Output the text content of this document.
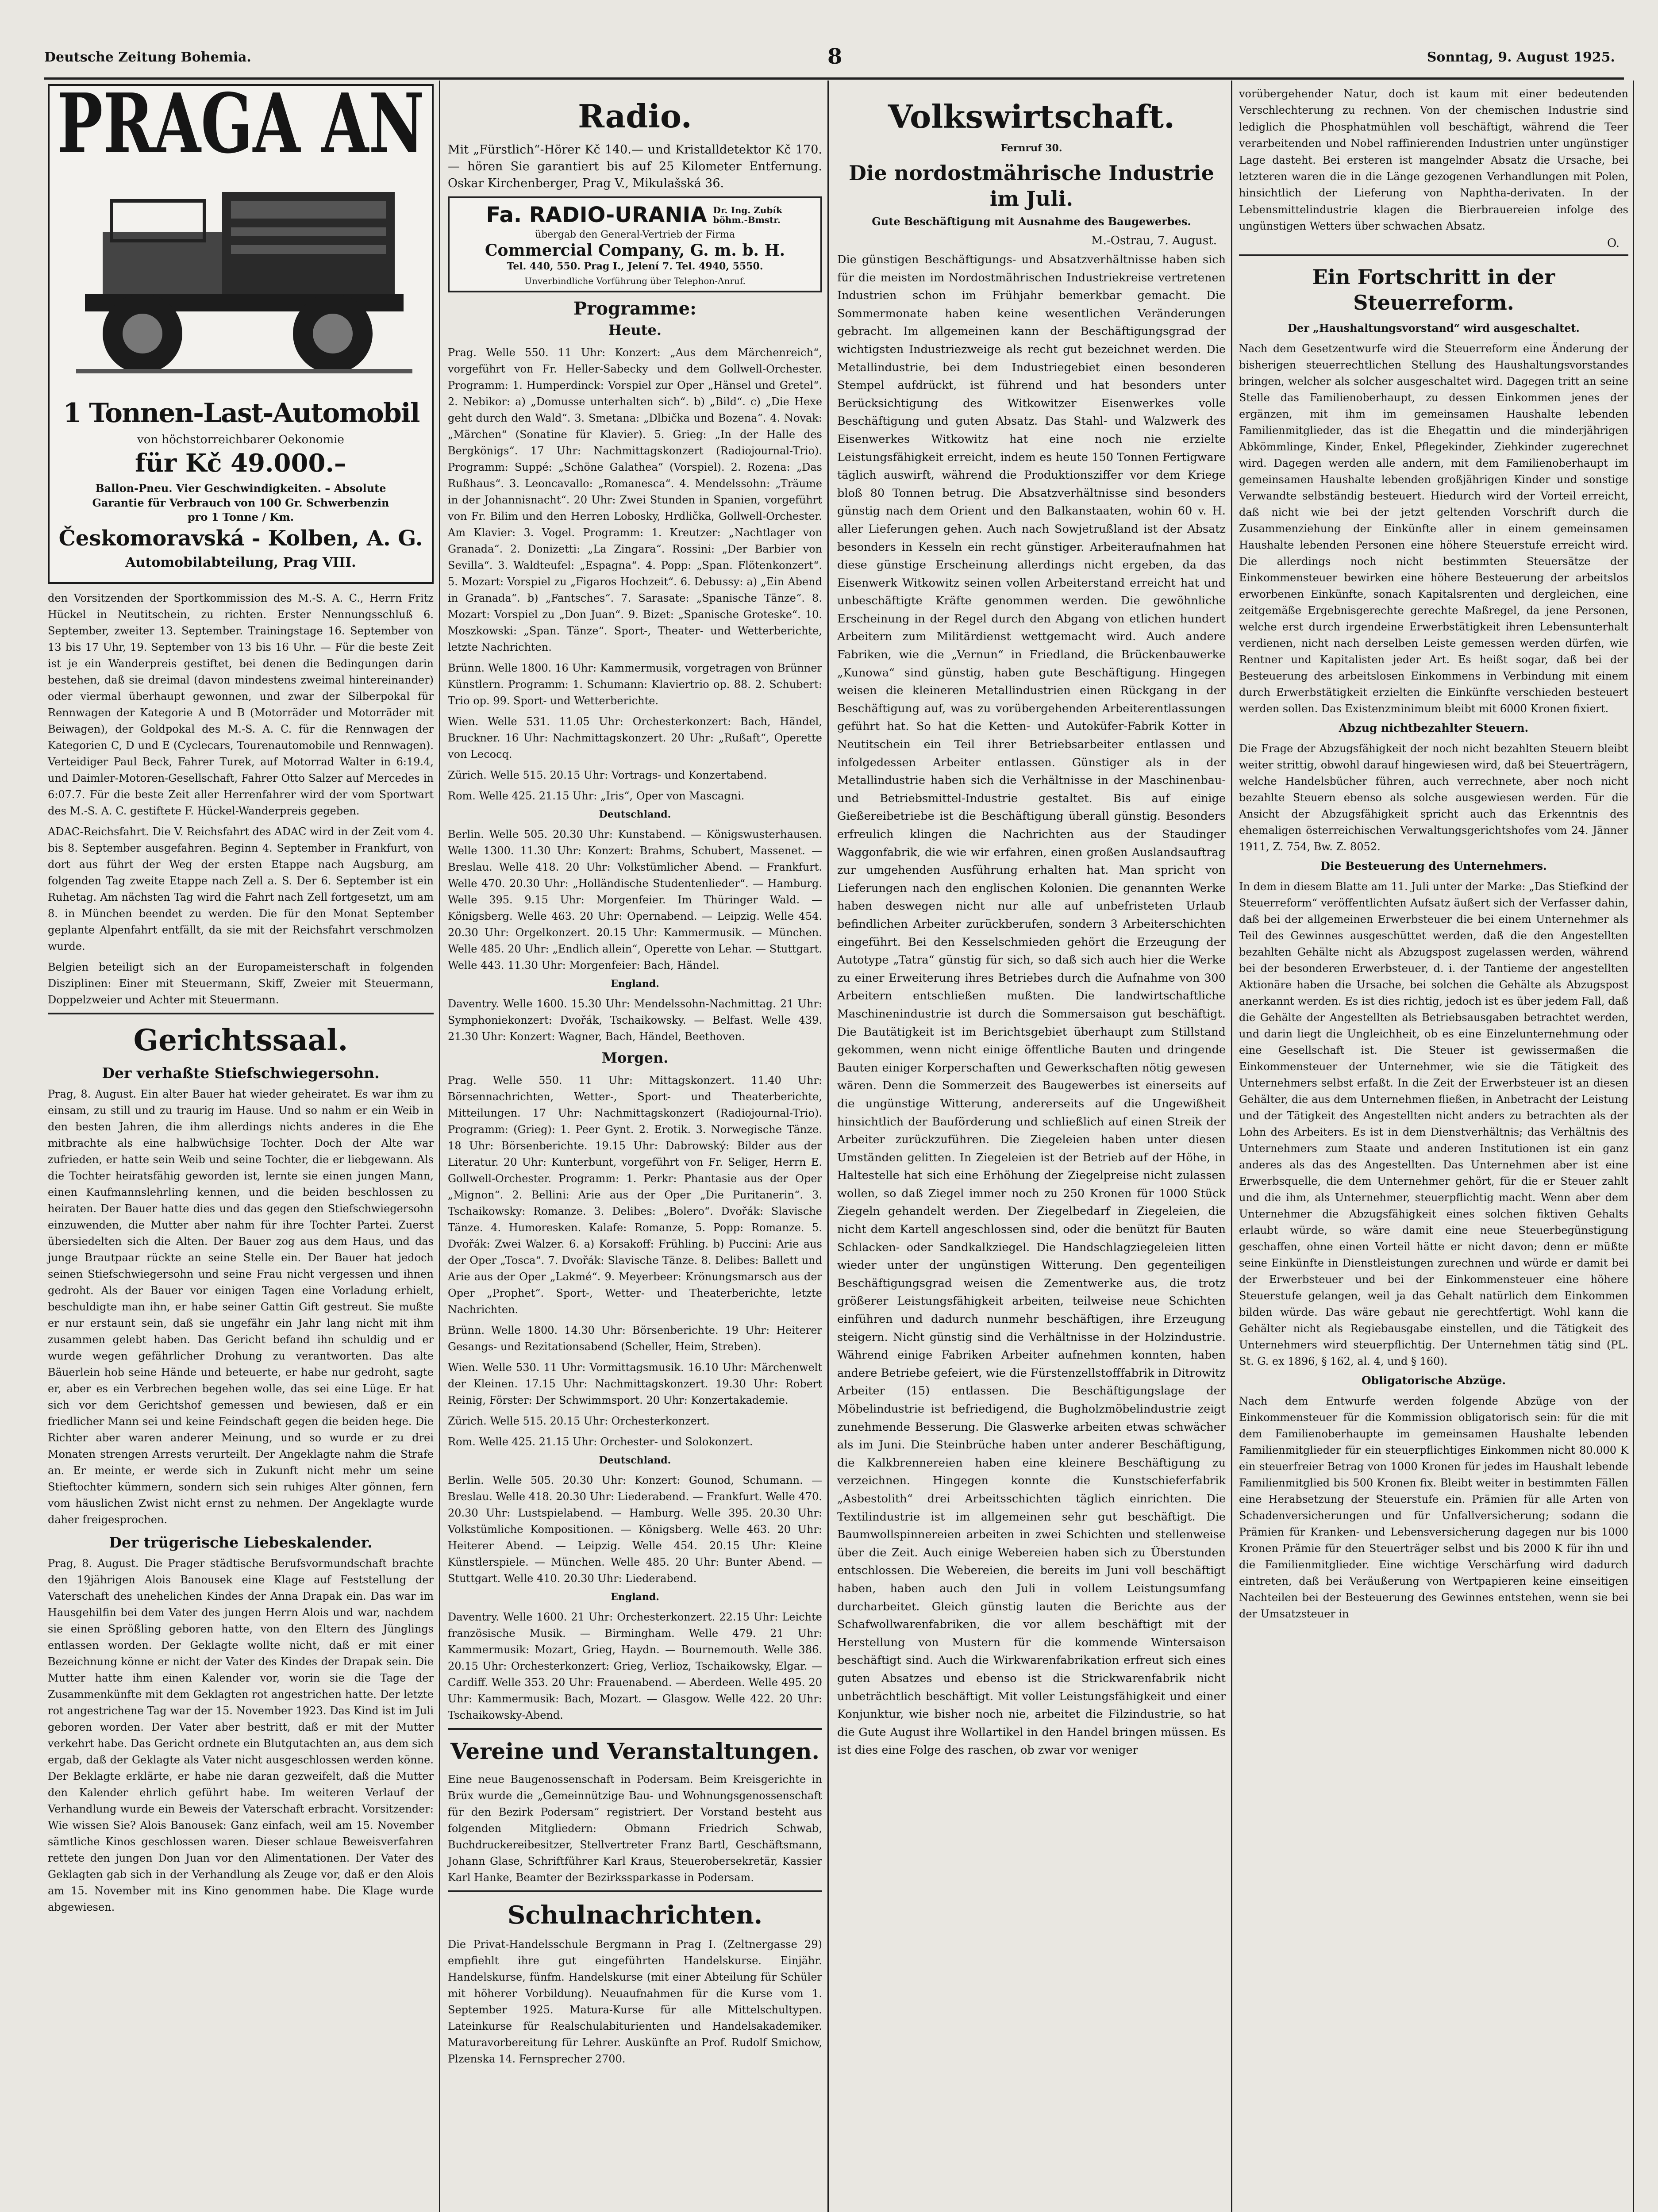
Deutsche Zeitung Bohemia.	8	Sonntag, 9. August 1925.
PRAGA AN
1 Tonnen-Last-Automobil
von höchstorreichbarer Oekonomie
für Kč 49.000.–
Ballon-Pneu. Vier Geschwindigkeiten. – Absolute
Garantie für Verbrauch von 100 Gr. Schwerbenzin
pro 1 Tonne / Km.
Českomoravská - Kolben, A. G.
Automobilabteilung, Prag VIII.

den Vorsitzenden der Sportkommission des M.-S. A. C., Herrn Fritz Hückel in Neutitschein, zu richten. Erster Nennungsschluß 6. September, zweiter 13. September. Trainingstage 16. September von 13 bis 17 Uhr, 19. September von 13 bis 16 Uhr. — Für die beste Zeit ist je ein Wanderpreis gestiftet, bei denen die Bedingungen darin bestehen, daß sie dreimal (davon mindestens zweimal hintereinander) oder viermal überhaupt gewonnen, und zwar der Silberpokal für Rennwagen der Kategorie A und B (Motorräder und Motorräder mit Beiwagen), der Goldpokal des M.-S. A. C. für die Rennwagen der Kategorien C, D und E (Cyclecars, Tourenautomobile und Rennwagen). Verteidiger Paul Beck, Fahrer Turek, auf Motorrad Walter in 6:19.4, und Daimler-Motoren-Gesellschaft, Fahrer Otto Salzer auf Mercedes in 6:07.7. Für die beste Zeit aller Herrenfahrer wird der vom Sportwart des M.-S. A. C. gestiftete F. Hückel-Wanderpreis gegeben.

ADAC-Reichsfahrt. Die V. Reichsfahrt des ADAC wird in der Zeit vom 4. bis 8. September ausgefahren. Beginn 4. September in Frankfurt, von dort aus führt der Weg der ersten Etappe nach Augsburg, am folgenden Tag zweite Etappe nach Zell a. S. Der 6. September ist ein Ruhetag. Am nächsten Tag wird die Fahrt nach Zell fortgesetzt, um am 8. in München beendet zu werden. Die für den Monat September geplante Alpenfahrt entfällt, da sie mit der Reichsfahrt verschmolzen wurde.

Belgien beteiligt sich an der Europameisterschaft in folgenden Disziplinen: Einer mit Steuermann, Skiff, Zweier mit Steuermann, Doppelzweier und Achter mit Steuermann.

Gerichtssaal.
Der verhaßte Stiefschwiegersohn.

Prag, 8. August. Ein alter Bauer hat wieder geheiratet. Es war ihm zu einsam, zu still und zu traurig im Hause. Und so nahm er ein Weib in den besten Jahren, die ihm allerdings nichts anderes in die Ehe mitbrachte als eine halbwüchsige Tochter. Doch der Alte war zufrieden, er hatte sein Weib und seine Tochter, die er liebgewann. Als die Tochter heiratsfähig geworden ist, lernte sie einen jungen Mann, einen Kaufmannslehrling kennen, und die beiden beschlossen zu heiraten. Der Bauer hatte dies und das gegen den Stiefschwiegersohn einzuwenden, die Mutter aber nahm für ihre Tochter Partei. Zuerst übersiedelten sich die Alten. Der Bauer zog aus dem Haus, und das junge Brautpaar rückte an seine Stelle ein. Der Bauer hat jedoch seinen Stiefschwiegersohn und seine Frau nicht vergessen und ihnen gedroht. Als der Bauer vor einigen Tagen eine Vorladung erhielt, beschuldigte man ihn, er habe seiner Gattin Gift gestreut. Sie mußte er nur erstaunt sein, daß sie ungefähr ein Jahr lang nicht mit ihm zusammen gelebt haben. Das Gericht befand ihn schuldig und er wurde wegen gefährlicher Drohung zu verantworten. Das alte Bäuerlein hob seine Hände und beteuerte, er habe nur gedroht, sagte er, aber es ein Verbrechen begehen wolle, das sei eine Lüge. Er hat sich vor dem Gerichtshof gemessen und bewiesen, daß er ein friedlicher Mann sei und keine Feindschaft gegen die beiden hege. Die Richter aber waren anderer Meinung, und so wurde er zu drei Monaten strengen Arrests verurteilt. Der Angeklagte nahm die Strafe an. Er meinte, er werde sich in Zukunft nicht mehr um seine Stieftochter kümmern, sondern sich sein ruhiges Alter gönnen, fern vom häuslichen Zwist nicht ernst zu nehmen. Der Angeklagte wurde daher freigesprochen.

Der trügerische Liebeskalender.

Prag, 8. August. Die Prager städtische Berufsvormundschaft brachte den 19jährigen Alois Banousek eine Klage auf Feststellung der Vaterschaft des unehelichen Kindes der Anna Drapak ein. Das war im Hausgehilfin bei dem Vater des jungen Herrn Alois und war, nachdem sie einen Sprößling geboren hatte, von den Eltern des Jünglings entlassen worden. Der Geklagte wollte nicht, daß er mit einer Bezeichnung könne er nicht der Vater des Kindes der Drapak sein. Die Mutter hatte ihm einen Kalender vor, worin sie die Tage der Zusammenkünfte mit dem Geklagten rot angestrichen hatte. Der letzte rot angestrichene Tag war der 15. November 1923. Das Kind ist im Juli geboren worden. Der Vater aber bestritt, daß er mit der Mutter verkehrt habe. Das Gericht ordnete ein Blutgutachten an, aus dem sich ergab, daß der Geklagte als Vater nicht ausgeschlossen werden könne. Der Beklagte erklärte, er habe nie daran gezweifelt, daß die Mutter den Kalender ehrlich geführt habe. Im weiteren Verlauf der Verhandlung wurde ein Beweis der Vaterschaft erbracht. Vorsitzender: Wie wissen Sie? Alois Banousek: Ganz einfach, weil am 15. November sämtliche Kinos geschlossen waren. Dieser schlaue Beweisverfahren rettete den jungen Don Juan vor den Alimentationen. Der Vater des Geklagten gab sich in der Verhandlung als Zeuge vor, daß er den Alois am 15. November mit ins Kino genommen habe. Die Klage wurde abgewiesen.

Radio.

Mit „Fürstlich“-Hörer Kč 140.— und Kristalldetektor Kč 170.— hören Sie garantiert bis auf 25 Kilometer Entfernung. Oskar Kirchenberger, Prag V., Mikulašská 36.

Fa. RADIO-URANIA Dr. Ing. Zubík böhm.-Bmstr.
übergab den General-Vertrieb der Firma
Commercial Company, G. m. b. H.
Tel. 440, 550. Prag I., Jelení 7. Tel. 4940, 5550.
Unverbindliche Vorführung über Telephon-Anruf.
Programme:
Heute.

Prag. Welle 550. 11 Uhr: Konzert: „Aus dem Märchenreich“, vorgeführt von Fr. Heller-Sabecky und dem Gollwell-Orchester. Programm: 1. Humperdinck: Vorspiel zur Oper „Hänsel und Gretel“. 2. Nebikor: a) „Domusse unterhalten sich“. b) „Bild“. c) „Die Hexe geht durch den Wald“. 3. Smetana: „Dlbička und Bozena“. 4. Novak: „Märchen“ (Sonatine für Klavier). 5. Grieg: „In der Halle des Bergkönigs“. 17 Uhr: Nachmittagskonzert (Radiojournal-Trio). Programm: Suppé: „Schöne Galathea“ (Vorspiel). 2. Rozena: „Das Rußhaus“. 3. Leoncavallo: „Romanesca“. 4. Mendelssohn: „Träume in der Johannisnacht“. 20 Uhr: Zwei Stunden in Spanien, vorgeführt von Fr. Bilim und den Herren Lobosky, Hrdlička, Gollwell-Orchester. Am Klavier: 3. Vogel. Programm: 1. Kreutzer: „Nachtlager von Granada“. 2. Donizetti: „La Zingara“. Rossini: „Der Barbier von Sevilla“. 3. Waldteufel: „Espagna“. 4. Popp: „Span. Flötenkonzert“. 5. Mozart: Vorspiel zu „Figaros Hochzeit“. 6. Debussy: a) „Ein Abend in Granada“. b) „Fantsches“. 7. Sarasate: „Spanische Tänze“. 8. Mozart: Vorspiel zu „Don Juan“. 9. Bizet: „Spanische Groteske“. 10. Moszkowski: „Span. Tänze“. Sport-, Theater- und Wetterberichte, letzte Nachrichten.

Brünn. Welle 1800. 16 Uhr: Kammermusik, vorgetragen von Brünner Künstlern. Programm: 1. Schumann: Klaviertrio op. 88. 2. Schubert: Trio op. 99. Sport- und Wetterberichte.

Wien. Welle 531. 11.05 Uhr: Orchesterkonzert: Bach, Händel, Bruckner. 16 Uhr: Nachmittagskonzert. 20 Uhr: „Rußaft“, Operette von Lecocq.

Zürich. Welle 515. 20.15 Uhr: Vortrags- und Konzertabend.

Rom. Welle 425. 21.15 Uhr: „Iris“, Oper von Mascagni.

Deutschland.

Berlin. Welle 505. 20.30 Uhr: Kunstabend. — Königswusterhausen. Welle 1300. 11.30 Uhr: Konzert: Brahms, Schubert, Massenet. — Breslau. Welle 418. 20 Uhr: Volkstümlicher Abend. — Frankfurt. Welle 470. 20.30 Uhr: „Holländische Studentenlieder“. — Hamburg. Welle 395. 9.15 Uhr: Morgenfeier. Im Thüringer Wald. — Königsberg. Welle 463. 20 Uhr: Opernabend. — Leipzig. Welle 454. 20.30 Uhr: Orgelkonzert. 20.15 Uhr: Kammermusik. — München. Welle 485. 20 Uhr: „Endlich allein“, Operette von Lehar. — Stuttgart. Welle 443. 11.30 Uhr: Morgenfeier: Bach, Händel.

England.

Daventry. Welle 1600. 15.30 Uhr: Mendelssohn-Nachmittag. 21 Uhr: Symphoniekonzert: Dvořák, Tschaikowsky. — Belfast. Welle 439. 21.30 Uhr: Konzert: Wagner, Bach, Händel, Beethoven.

Morgen.

Prag. Welle 550. 11 Uhr: Mittagskonzert. 11.40 Uhr: Börsennachrichten, Wetter-, Sport- und Theaterberichte, Mitteilungen. 17 Uhr: Nachmittagskonzert (Radiojournal-Trio). Programm: (Grieg): 1. Peer Gynt. 2. Erotik. 3. Norwegische Tänze. 18 Uhr: Börsenberichte. 19.15 Uhr: Dabrowský: Bilder aus der Literatur. 20 Uhr: Kunterbunt, vorgeführt von Fr. Seliger, Herrn E. Gollwell-Orchester. Programm: 1. Perkr: Phantasie aus der Oper „Mignon“. 2. Bellini: Arie aus der Oper „Die Puritanerin“. 3. Tschaikowsky: Romanze. 3. Delibes: „Bolero“. Dvořák: Slavische Tänze. 4. Humoresken. Kalafe: Romanze, 5. Popp: Romanze. 5. Dvořák: Zwei Walzer. 6. a) Korsakoff: Frühling. b) Puccini: Arie aus der Oper „Tosca“. 7. Dvořák: Slavische Tänze. 8. Delibes: Ballett und Arie aus der Oper „Lakmé“. 9. Meyerbeer: Krönungsmarsch aus der Oper „Prophet“. Sport-, Wetter- und Theaterberichte, letzte Nachrichten.

Brünn. Welle 1800. 14.30 Uhr: Börsenberichte. 19 Uhr: Heiterer Gesangs- und Rezitationsabend (Scheller, Heim, Streben).

Wien. Welle 530. 11 Uhr: Vormittagsmusik. 16.10 Uhr: Märchenwelt der Kleinen. 17.15 Uhr: Nachmittagskonzert. 19.30 Uhr: Robert Reinig, Förster: Der Schwimmsport. 20 Uhr: Konzertakademie.

Zürich. Welle 515. 20.15 Uhr: Orchesterkonzert.

Rom. Welle 425. 21.15 Uhr: Orchester- und Solokonzert.

Deutschland.

Berlin. Welle 505. 20.30 Uhr: Konzert: Gounod, Schumann. — Breslau. Welle 418. 20.30 Uhr: Liederabend. — Frankfurt. Welle 470. 20.30 Uhr: Lustspielabend. — Hamburg. Welle 395. 20.30 Uhr: Volkstümliche Kompositionen. — Königsberg. Welle 463. 20 Uhr: Heiterer Abend. — Leipzig. Welle 454. 20.15 Uhr: Kleine Künstlerspiele. — München. Welle 485. 20 Uhr: Bunter Abend. — Stuttgart. Welle 410. 20.30 Uhr: Liederabend.

England.

Daventry. Welle 1600. 21 Uhr: Orchesterkonzert. 22.15 Uhr: Leichte französische Musik. — Birmingham. Welle 479. 21 Uhr: Kammermusik: Mozart, Grieg, Haydn. — Bournemouth. Welle 386. 20.15 Uhr: Orchesterkonzert: Grieg, Verlioz, Tschaikowsky, Elgar. — Cardiff. Welle 353. 20 Uhr: Frauenabend. — Aberdeen. Welle 495. 20 Uhr: Kammermusik: Bach, Mozart. — Glasgow. Welle 422. 20 Uhr: Tschaikowsky-Abend.

Vereine und Veranstaltungen.

Eine neue Baugenossenschaft in Podersam. Beim Kreisgerichte in Brüx wurde die „Gemeinnützige Bau- und Wohnungsgenossenschaft für den Bezirk Podersam“ registriert. Der Vorstand besteht aus folgenden Mitgliedern: Obmann Friedrich Schwab, Buchdruckereibesitzer, Stellvertreter Franz Bartl, Geschäftsmann, Johann Glase, Schriftführer Karl Kraus, Steuerobersekretär, Kassier Karl Hanke, Beamter der Bezirkssparkasse in Podersam.

Schulnachrichten.

Die Privat-Handelsschule Bergmann in Prag I. (Zeltnergasse 29) empfiehlt ihre gut eingeführten Handelskurse. Einjähr. Handelskurse, fünfm. Handelskurse (mit einer Abteilung für Schüler mit höherer Vorbildung). Neuaufnahmen für die Kurse vom 1. September 1925. Matura-Kurse für alle Mittelschultypen. Lateinkurse für Realschulabiturienten und Handelsakademiker. Maturavorbereitung für Lehrer. Auskünfte an Prof. Rudolf Smichow, Plzenska 14. Fernsprecher 2700.

Volkswirtschaft.
Fernruf 30.
Die nordostmährische Industrie im Juli.
Gute Beschäftigung mit Ausnahme des Baugewerbes.
M.-Ostrau, 7. August.

Die günstigen Beschäftigungs- und Absatzverhältnisse haben sich für die meisten im Nordostmährischen Industriekreise vertretenen Industrien schon im Frühjahr bemerkbar gemacht. Die Sommermonate haben keine wesentlichen Veränderungen gebracht. Im allgemeinen kann der Beschäftigungsgrad der wichtigsten Industriezweige als recht gut bezeichnet werden. Die Metallindustrie, bei dem Industriegebiet einen besonderen Stempel aufdrückt, ist führend und hat besonders unter Berücksichtigung des Witkowitzer Eisenwerkes volle Beschäftigung und guten Absatz. Das Stahl- und Walzwerk des Eisenwerkes Witkowitz hat eine noch nie erzielte Leistungsfähigkeit erreicht, indem es heute 150 Tonnen Fertigware täglich auswirft, während die Produktionsziffer vor dem Kriege bloß 80 Tonnen betrug. Die Absatzverhältnisse sind besonders günstig nach dem Orient und den Balkanstaaten, wohin 60 v. H. aller Lieferungen gehen. Auch nach Sowjetrußland ist der Absatz besonders in Kesseln ein recht günstiger. Arbeiteraufnahmen hat diese günstige Erscheinung allerdings nicht ergeben, da das Eisenwerk Witkowitz seinen vollen Arbeiterstand erreicht hat und unbeschäftigte Kräfte genommen werden. Die gewöhnliche Erscheinung in der Regel durch den Abgang von etlichen hundert Arbeitern zum Militärdienst wettgemacht wird. Auch andere Fabriken, wie die „Vernun“ in Friedland, die Brückenbauwerke „Kunowa“ sind günstig, haben gute Beschäftigung. Hingegen weisen die kleineren Metallindustrien einen Rückgang in der Beschäftigung auf, was zu vorübergehenden Arbeiterentlassungen geführt hat. So hat die Ketten- und Autoküfer-Fabrik Kotter in Neutitschein ein Teil ihrer Betriebsarbeiter entlassen und infolgedessen Arbeiter entlassen. Günstiger als in der Metallindustrie haben sich die Verhältnisse in der Maschinenbau- und Betriebsmittel-Industrie gestaltet. Bis auf einige Gießereibetriebe ist die Beschäftigung überall günstig. Besonders erfreulich klingen die Nachrichten aus der Staudinger Waggonfabrik, die wie wir erfahren, einen großen Auslandsauftrag zur umgehenden Ausführung erhalten hat. Man spricht von Lieferungen nach den englischen Kolonien. Die genannten Werke haben deswegen nicht nur alle auf unbefristeten Urlaub befindlichen Arbeiter zurückberufen, sondern 3 Arbeiterschichten eingeführt. Bei den Kesselschmieden gehört die Erzeugung der Autotype „Tatra“ günstig für sich, so daß sich auch hier die Werke zu einer Erweiterung ihres Betriebes durch die Aufnahme von 300 Arbeitern entschließen mußten. Die landwirtschaftliche Maschinenindustrie ist durch die Sommersaison gut beschäftigt. Die Bautätigkeit ist im Berichtsgebiet überhaupt zum Stillstand gekommen, wenn nicht einige öffentliche Bauten und dringende Bauten einiger Korperschaften und Gewerkschaften nötig gewesen wären. Denn die Sommerzeit des Baugewerbes ist einerseits auf die ungünstige Witterung, andererseits auf die Ungewißheit hinsichtlich der Bauförderung und schließlich auf einen Streik der Arbeiter zurückzuführen. Die Ziegeleien haben unter diesen Umständen gelitten. In Ziegeleien ist der Betrieb auf der Höhe, in Haltestelle hat sich eine Erhöhung der Ziegelpreise nicht zulassen wollen, so daß Ziegel immer noch zu 250 Kronen für 1000 Stück Ziegeln gehandelt werden. Der Ziegelbedarf in Ziegeleien, die nicht dem Kartell angeschlossen sind, oder die benützt für Bauten Schlacken- oder Sandkalkziegel. Die Handschlagziegeleien litten wieder unter der ungünstigen Witterung. Den gegenteiligen Beschäftigungsgrad weisen die Zementwerke aus, die trotz größerer Leistungsfähigkeit arbeiten, teilweise neue Schichten einführen und dadurch nunmehr beschäftigen, ihre Erzeugung steigern. Nicht günstig sind die Verhältnisse in der Holzindustrie. Während einige Fabriken Arbeiter aufnehmen konnten, haben andere Betriebe gefeiert, wie die Fürstenzellstofffabrik in Ditrowitz Arbeiter (15) entlassen. Die Beschäftigungslage der Möbelindustrie ist befriedigend, die Bugholzmöbelindustrie zeigt zunehmende Besserung. Die Glaswerke arbeiten etwas schwächer als im Juni. Die Steinbrüche haben unter anderer Beschäftigung, die Kalkbrennereien haben eine kleinere Beschäftigung zu verzeichnen. Hingegen konnte die Kunstschieferfabrik „Asbestolith“ drei Arbeitsschichten täglich einrichten. Die Textilindustrie ist im allgemeinen sehr gut beschäftigt. Die Baumwollspinnereien arbeiten in zwei Schichten und stellenweise über die Zeit. Auch einige Webereien haben sich zu Überstunden entschlossen. Die Webereien, die bereits im Juni voll beschäftigt haben, haben auch den Juli in vollem Leistungsumfang durcharbeitet. Gleich günstig lauten die Berichte aus der Schafwollwarenfabriken, die vor allem beschäftigt mit der Herstellung von Mustern für die kommende Wintersaison beschäftigt sind. Auch die Wirkwarenfabrikation erfreut sich eines guten Absatzes und ebenso ist die Strickwarenfabrik nicht unbeträchtlich beschäftigt. Mit voller Leistungsfähigkeit und einer Konjunktur, wie bisher noch nie, arbeitet die Filzindustrie, so hat die Gute August ihre Wollartikel in den Handel bringen müssen. Es ist dies eine Folge des raschen, ob zwar vor weniger

vorübergehender Natur, doch ist kaum mit einer bedeutenden Verschlechterung zu rechnen. Von der chemischen Industrie sind lediglich die Phosphatmühlen voll beschäftigt, während die Teer verarbeitenden und Nobel raffinierenden Industrien unter ungünstiger Lage dasteht. Bei ersteren ist mangelnder Absatz die Ursache, bei letzteren waren die in die Länge gezogenen Verhandlungen mit Polen, hinsichtlich der Lieferung von Naphtha-derivaten. In der Lebensmittelindustrie klagen die Bierbrauereien infolge des ungünstigen Wetters über schwachen Absatz.

O.
Ein Fortschritt in der Steuerreform.
Der „Haushaltungsvorstand“ wird ausgeschaltet.

Nach dem Gesetzentwurfe wird die Steuerreform eine Änderung der bisherigen steuerrechtlichen Stellung des Haushaltungsvorstandes bringen, welcher als solcher ausgeschaltet wird. Dagegen tritt an seine Stelle das Familienoberhaupt, zu dessen Einkommen jenes der ergänzen, mit ihm im gemeinsamen Haushalte lebenden Familienmitglieder, das ist die Ehegattin und die minderjährigen Abkömmlinge, Kinder, Enkel, Pflegekinder, Ziehkinder zugerechnet wird. Dagegen werden alle andern, mit dem Familienoberhaupt im gemeinsamen Haushalte lebenden großjährigen Kinder und sonstige Verwandte selbständig besteuert. Hiedurch wird der Vorteil erreicht, daß nicht wie bei der jetzt geltenden Vorschrift durch die Zusammenziehung der Einkünfte aller in einem gemeinsamen Haushalte lebenden Personen eine höhere Steuerstufe erreicht wird. Die allerdings noch nicht bestimmten Steuersätze der Einkommensteuer bewirken eine höhere Besteuerung der arbeitslos erworbenen Einkünfte, sonach Kapitalsrenten und dergleichen, eine zeitgemäße Ergebnisgerechte gerechte Maßregel, da jene Personen, welche erst durch irgendeine Erwerbstätigkeit ihren Lebensunterhalt verdienen, nicht nach derselben Leiste gemessen werden dürfen, wie Rentner und Kapitalisten jeder Art. Es heißt sogar, daß bei der Besteuerung des arbeitslosen Einkommens in Verbindung mit einem durch Erwerbstätigkeit erzielten die Einkünfte verschieden besteuert werden sollen. Das Existenzminimum bleibt mit 6000 Kronen fixiert.

Abzug nichtbezahlter Steuern.

Die Frage der Abzugsfähigkeit der noch nicht bezahlten Steuern bleibt weiter strittig, obwohl darauf hingewiesen wird, daß bei Steuerträgern, welche Handelsbücher führen, auch verrechnete, aber noch nicht bezahlte Steuern ebenso als solche ausgewiesen werden. Für die Ansicht der Abzugsfähigkeit spricht auch das Erkenntnis des ehemaligen österreichischen Verwaltungsgerichtshofes vom 24. Jänner 1911, Z. 754, Bw. Z. 8052.

Die Besteuerung des Unternehmers.

In dem in diesem Blatte am 11. Juli unter der Marke: „Das Stiefkind der Steuerreform“ veröffentlichten Aufsatz äußert sich der Verfasser dahin, daß bei der allgemeinen Erwerbsteuer die bei einem Unternehmer als Teil des Gewinnes ausgeschüttet werden, daß die den Angestellten bezahlten Gehälte nicht als Abzugspost zugelassen werden, während bei der besonderen Erwerbsteuer, d. i. der Tantieme der angestellten Aktionäre haben die Ursache, bei solchen die Gehälte als Abzugspost anerkannt werden. Es ist dies richtig, jedoch ist es über jedem Fall, daß die Gehälte der Angestellten als Betriebsausgaben betrachtet werden, und darin liegt die Ungleichheit, ob es eine Einzelunternehmung oder eine Gesellschaft ist. Die Steuer ist gewissermaßen die Einkommensteuer der Unternehmer, wie sie die Tätigkeit des Unternehmers selbst erfaßt. In die Zeit der Erwerbsteuer ist an diesen Gehälter, die aus dem Unternehmen fließen, in Anbetracht der Leistung und der Tätigkeit des Angestellten nicht anders zu betrachten als der Lohn des Arbeiters. Es ist in dem Dienstverhältnis; das Verhältnis des Unternehmers zum Staate und anderen Institutionen ist ein ganz anderes als das des Angestellten. Das Unternehmen aber ist eine Erwerbsquelle, die dem Unternehmer gehört, für die er Steuer zahlt und die ihm, als Unternehmer, steuerpflichtig macht. Wenn aber dem Unternehmer die Abzugsfähigkeit eines solchen fiktiven Gehalts erlaubt würde, so wäre damit eine neue Steuerbegünstigung geschaffen, ohne einen Vorteil hätte er nicht davon; denn er müßte seine Einkünfte in Dienstleistungen zurechnen und würde er damit bei der Erwerbsteuer und bei der Einkommensteuer eine höhere Steuerstufe gelangen, weil ja das Gehalt natürlich dem Einkommen bilden würde. Das wäre gebaut nie gerechtfertigt. Wohl kann die Gehälter nicht als Regiebausgabe einstellen, und die Tätigkeit des Unternehmers wird steuerpflichtig. Der Unternehmen tätig sind (PL. St. G. ex 1896, § 162, al. 4, und § 160).

Obligatorische Abzüge.

Nach dem Entwurfe werden folgende Abzüge von der Einkommensteuer für die Kommission obligatorisch sein: für die mit dem Familienoberhaupte im gemeinsamen Haushalte lebenden Familienmitglieder für ein steuerpflichtiges Einkommen nicht 80.000 K ein steuerfreier Betrag von 1000 Kronen für jedes im Haushalt lebende Familienmitglied bis 500 Kronen fix. Bleibt weiter in bestimmten Fällen eine Herabsetzung der Steuerstufe ein. Prämien für alle Arten von Schadenversicherungen und für Unfallversicherung; sodann die Prämien für Kranken- und Lebensversicherung dagegen nur bis 1000 Kronen Prämie für den Steuerträger selbst und bis 2000 K für ihn und die Familienmitglieder. Eine wichtige Verschärfung wird dadurch eintreten, daß bei Veräußerung von Wertpapieren keine einseitigen Nachteilen bei der Besteuerung des Gewinnes entstehen, wenn sie bei der Umsatzsteuer in
